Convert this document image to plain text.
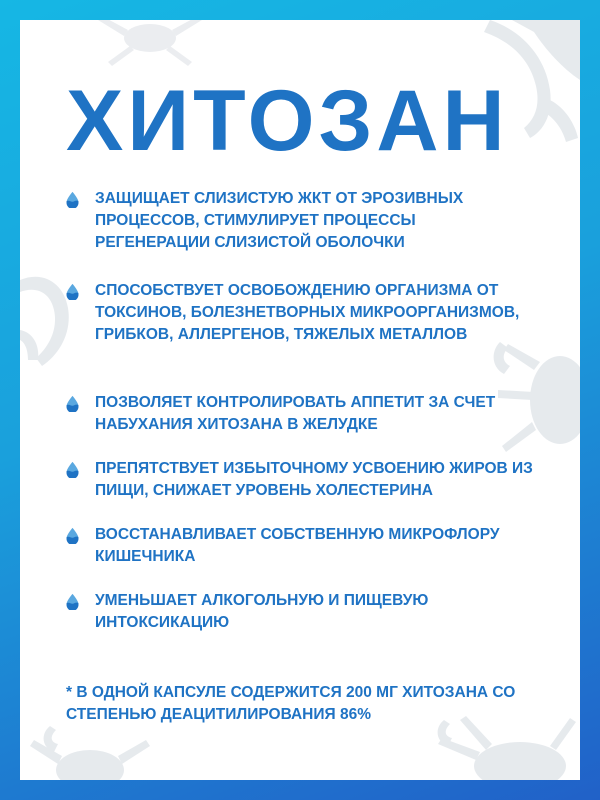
ХИТОЗАН
ЗАЩИЩАЕТ СЛИЗИСТУЮ ЖКТ ОТ ЭРОЗИВНЫХ ПРОЦЕССОВ, СТИМУЛИРУЕТ ПРОЦЕССЫ РЕГЕНЕРАЦИИ СЛИЗИСТОЙ ОБОЛОЧКИ
СПОСОБСТВУЕТ ОСВОБОЖДЕНИЮ ОРГАНИЗМА ОТ ТОКСИНОВ, БОЛЕЗНЕТВОРНЫХ МИКРООРГАНИЗМОВ, ГРИБКОВ, АЛЛЕРГЕНОВ, ТЯЖЕЛЫХ МЕТАЛЛОВ
ПОЗВОЛЯЕТ КОНТРОЛИРОВАТЬ АППЕТИТ ЗА СЧЕТ НАБУХАНИЯ ХИТОЗАНА В ЖЕЛУДКЕ
ПРЕПЯТСТВУЕТ ИЗБЫТОЧНОМУ УСВОЕНИЮ ЖИРОВ ИЗ ПИЩИ, СНИЖАЕТ УРОВЕНЬ ХОЛЕСТЕРИНА
ВОССТАНАВЛИВАЕТ СОБСТВЕННУЮ МИКРОФЛОРУ КИШЕЧНИКА
УМЕНЬШАЕТ АЛКОГОЛЬНУЮ И ПИЩЕВУЮ ИНТОКСИКАЦИЮ
* В ОДНОЙ КАПСУЛЕ СОДЕРЖИТСЯ 200 МГ ХИТОЗАНА СО СТЕПЕНЬЮ ДЕАЦИТИЛИРОВАНИЯ 86%
